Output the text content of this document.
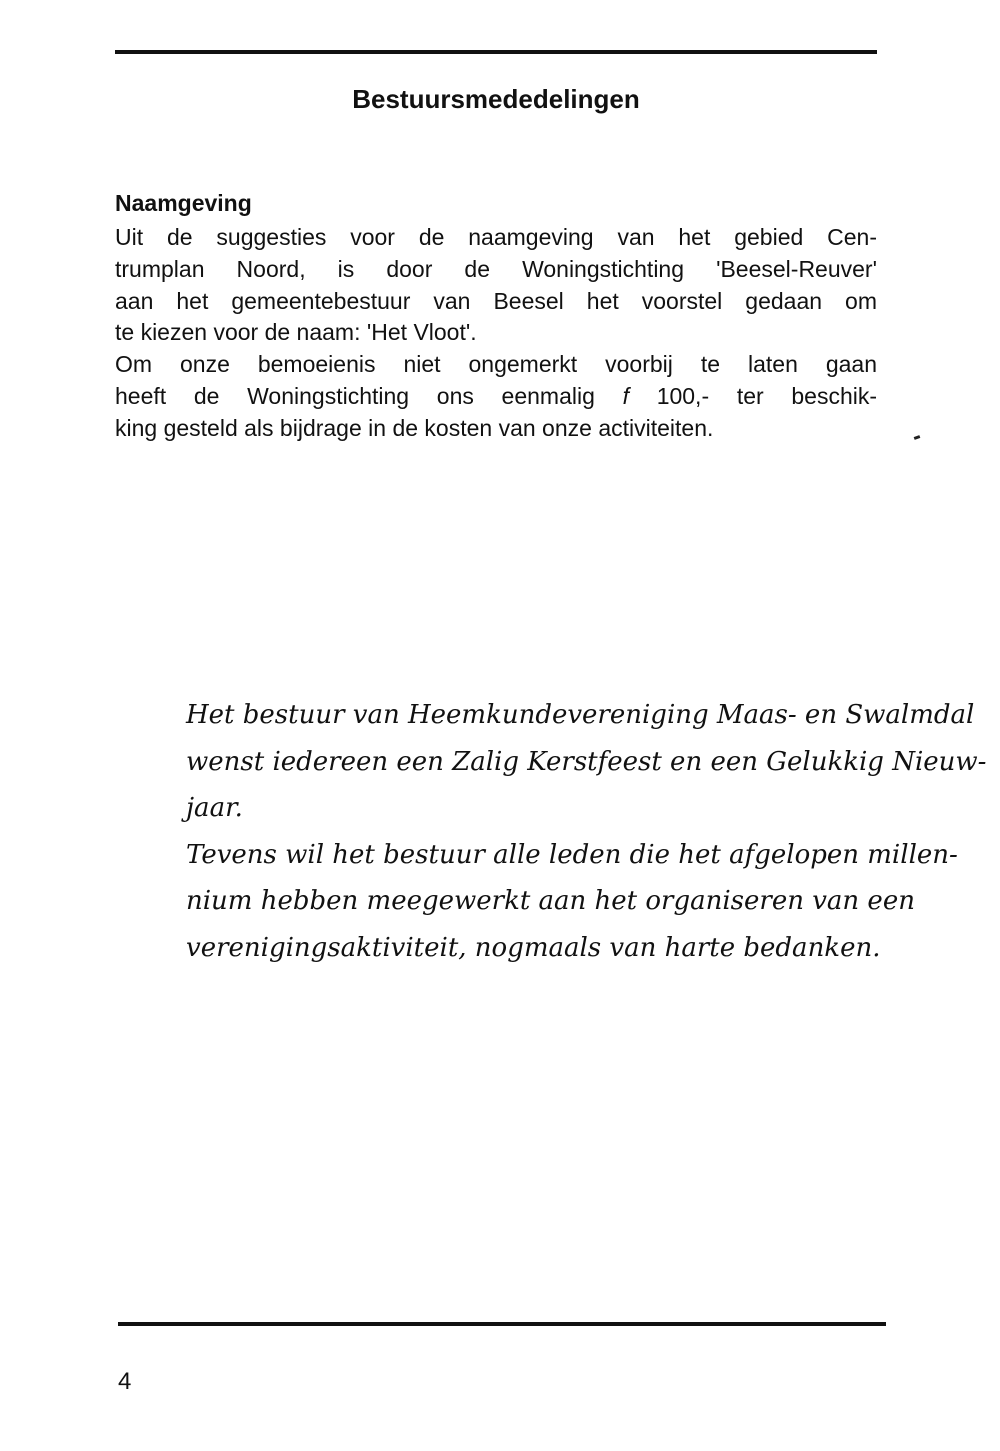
Bestuursmededelingen
Naamgeving
Uit de suggesties voor de naamgeving van het gebied Cen-
trumplan Noord, is door de Woningstichting 'Beesel-Reuver'
aan het gemeentebestuur van Beesel het voorstel gedaan om
te kiezen voor de naam: 'Het Vloot'.
Om onze bemoeienis niet ongemerkt voorbij te laten gaan
heeft de Woningstichting ons eenmalig f 100,- ter beschik-
king gesteld als bijdrage in de kosten van onze activiteiten.
Het bestuur van Heemkundevereniging Maas- en Swalmdal
wenst iedereen een Zalig Kerstfeest en een Gelukkig Nieuw-
jaar.
Tevens wil het bestuur alle leden die het afgelopen millen-
nium hebben meegewerkt aan het organiseren van een
verenigingsaktiviteit, nogmaals van harte bedanken.
4
